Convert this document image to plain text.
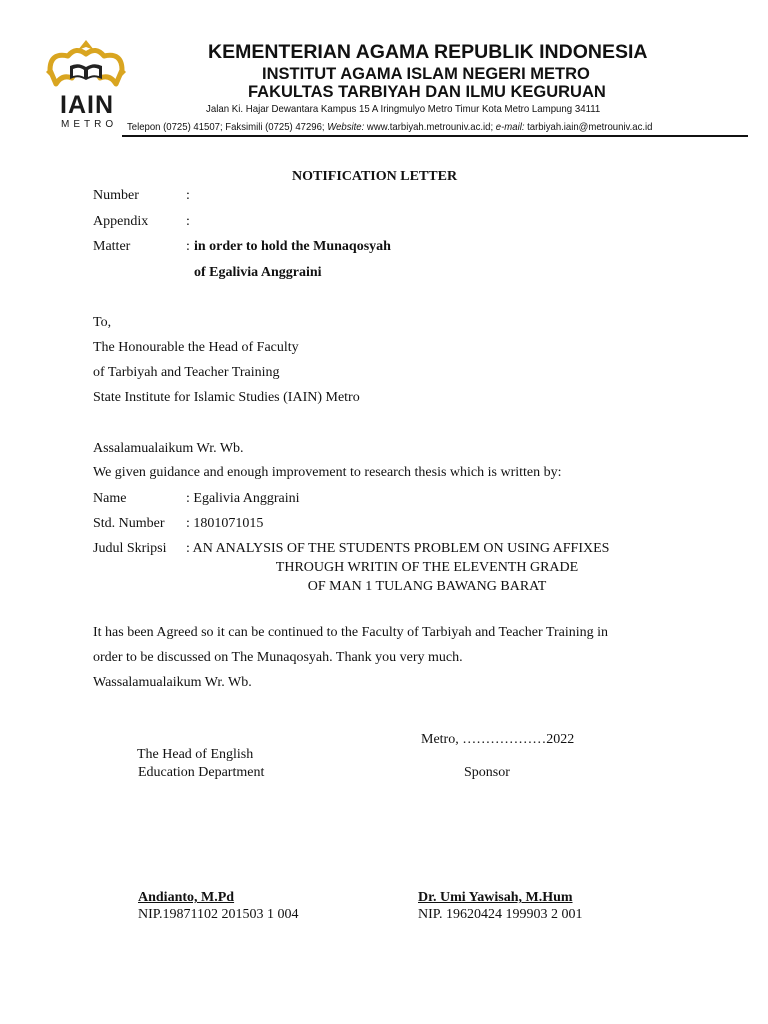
IAIN
METRO
KEMENTERIAN AGAMA REPUBLIK INDONESIA
INSTITUT AGAMA ISLAM NEGERI METRO
FAKULTAS TARBIYAH DAN ILMU KEGURUAN
Jalan Ki. Hajar Dewantara Kampus 15 A Iringmulyo Metro Timur Kota Metro Lampung 34111
Telepon (0725) 41507; Faksimili (0725) 47296; Website: www.tarbiyah.metrouniv.ac.id; e-mail: tarbiyah.iain@metrouniv.ac.id
NOTIFICATION LETTER
Number	:
Appendix	:
Matter	: in order to hold the Munaqosyah
of Egalivia Anggraini
To,
The Honourable the Head of Faculty
of Tarbiyah and Teacher Training
State Institute for Islamic Studies (IAIN) Metro
Assalamualaikum Wr. Wb.
We given guidance and enough improvement to research thesis which is written by:
Name	: Egalivia Anggraini
Std. Number : 1801071015
Judul Skripsi : AN ANALYSIS OF THE STUDENTS PROBLEM ON USING AFFIXES
THROUGH WRITIN OF THE ELEVENTH GRADE
OF MAN 1 TULANG BAWANG BARAT
It has been Agreed so it can be continued to the Faculty of Tarbiyah and Teacher Training in
order to be discussed on The Munaqosyah. Thank you very much.
Wassalamualaikum Wr. Wb.
Metro, ………………2022
The Head of English
Education Department	Sponsor
Andianto, M.Pd
NIP.19871102 201503 1 004
Dr. Umi Yawisah, M.Hum
NIP. 19620424 199903 2 001
